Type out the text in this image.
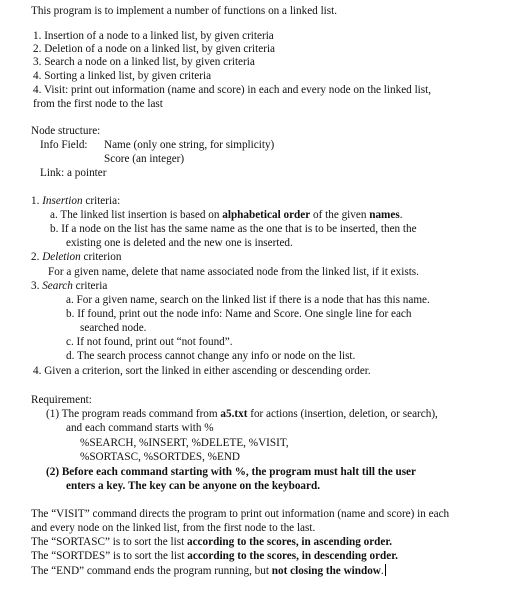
This program is to implement a number of functions on a linked list.
1. Insertion of a node to a linked list, by given criteria
2. Deletion of a node on a linked list, by given criteria
3. Search a node on a linked list, by given criteria
4. Sorting a linked list, by given criteria
4. Visit: print out information (name and score) in each and every node on the linked list,
from the first node to the last
Node structure:
Info Field: Name (only one string, for simplicity)
Score (an integer)
Link: a pointer
1. Insertion criteria:
a. The linked list insertion is based on alphabetical order of the given names.
b. If a node on the list has the same name as the one that is to be inserted, then the
existing one is deleted and the new one is inserted.
2. Deletion criterion
For a given name, delete that name associated node from the linked list, if it exists.
3. Search criteria
a. For a given name, search on the linked list if there is a node that has this name.
b. If found, print out the node info: Name and Score. One single line for each
searched node.
c. If not found, print out “not found”.
d. The search process cannot change any info or node on the list.
4. Given a criterion, sort the linked in either ascending or descending order.
Requirement:
(1) The program reads command from a5.txt for actions (insertion, deletion, or search),
and each command starts with %
%SEARCH, %INSERT, %DELETE, %VISIT,
%SORTASC, %SORTDES, %END
(2) Before each command starting with %, the program must halt till the user
enters a key. The key can be anyone on the keyboard.
The “VISIT” command directs the program to print out information (name and score) in each
and every node on the linked list, from the first node to the last.
The “SORTASC” is to sort the list according to the scores, in ascending order.
The “SORTDES” is to sort the list according to the scores, in descending order.
The “END” command ends the program running, but not closing the window.
